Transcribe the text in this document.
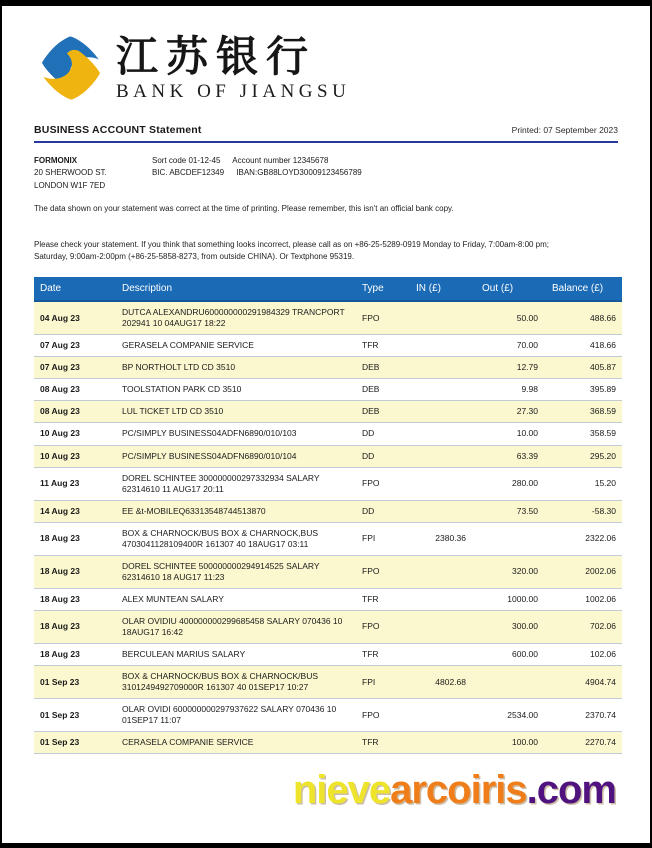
江苏银行
BANK OF JIANGSU
BUSINESS ACCOUNT Statement	Printed: 07 September 2023
FORMONIX
20 SHERWOOD ST.
LONDON W1F 7ED
Sort code 01-12-45 Account number 12345678
BIC. ABCDEF12349 IBAN:GB88LOYD30009123456789
The data shown on your statement was correct at the time of printing. Please remember, this isn't an official bank copy.
Please check your statement. If you think that something looks incorrect, please call as on +86-25-5289-0919 Monday to Friday, 7:00am-8:00 pm; Saturday, 9:00am-2:00pm (+86-25-5858-8273, from outside CHINA). Or Textphone 95319.
Date	Description	Type	IN (£)	Out (£)	Balance (£)
04 Aug 23	DUTCA ALEXANDRU600000000291984329 TRANCPORT 202941 10 04AUG17 18:22	FPO		50.00	488.66
07 Aug 23	GERASELA COMPANIE SERVICE	TFR		70.00	418.66
07 Aug 23	BP NORTHOLT LTD CD 3510	DEB		12.79	405.87
08 Aug 23	TOOLSTATION PARK CD 3510	DEB		9.98	395.89
08 Aug 23	LUL TICKET LTD CD 3510	DEB		27.30	368.59
10 Aug 23	PC/SIMPLY BUSINESS04ADFN6890/010/103	DD		10.00	358.59
10 Aug 23	PC/SIMPLY BUSINESS04ADFN6890/010/104	DD		63.39	295.20
11 Aug 23	DOREL SCHINTEE 300000000297332934 SALARY 62314610 11 AUG17 20:11	FPO		280.00	15.20
14 Aug 23	EE &t-MOBILEQ63313548744513870	DD		73.50	-58.30
18 Aug 23	BOX & CHARNOCK/BUS BOX & CHARNOCK,BUS 4703041128109400R 161307 40 18AUG17 03:11	FPI	2380.36		2322.06
18 Aug 23	DOREL SCHINTEE 500000000294914525 SALARY 62314610 18 AUG17 11:23	FPO		320.00	2002.06
18 Aug 23	ALEX MUNTEAN SALARY	TFR		1000.00	1002.06
18 Aug 23	OLAR OVIDIU 400000000299685458 SALARY 070436 10 18AUG17 16:42	FPO		300.00	702.06
18 Aug 23	BERCULEAN MARIUS SALARY	TFR		600.00	102.06
01 Sep 23	BOX & CHARNOCK/BUS BOX & CHARNOCK/BUS 3101249492709000R 161307 40 01SEP17 10:27	FPI	4802.68		4904.74
01 Sep 23	OLAR OVIDI 600000000297937622 SALARY 070436 10 01SEP17 11:07	FPO		2534.00	2370.74
01 Sep 23	CERASELA COMPANIE SERVICE	TFR		100.00	2270.74
nievearcoiris.com
